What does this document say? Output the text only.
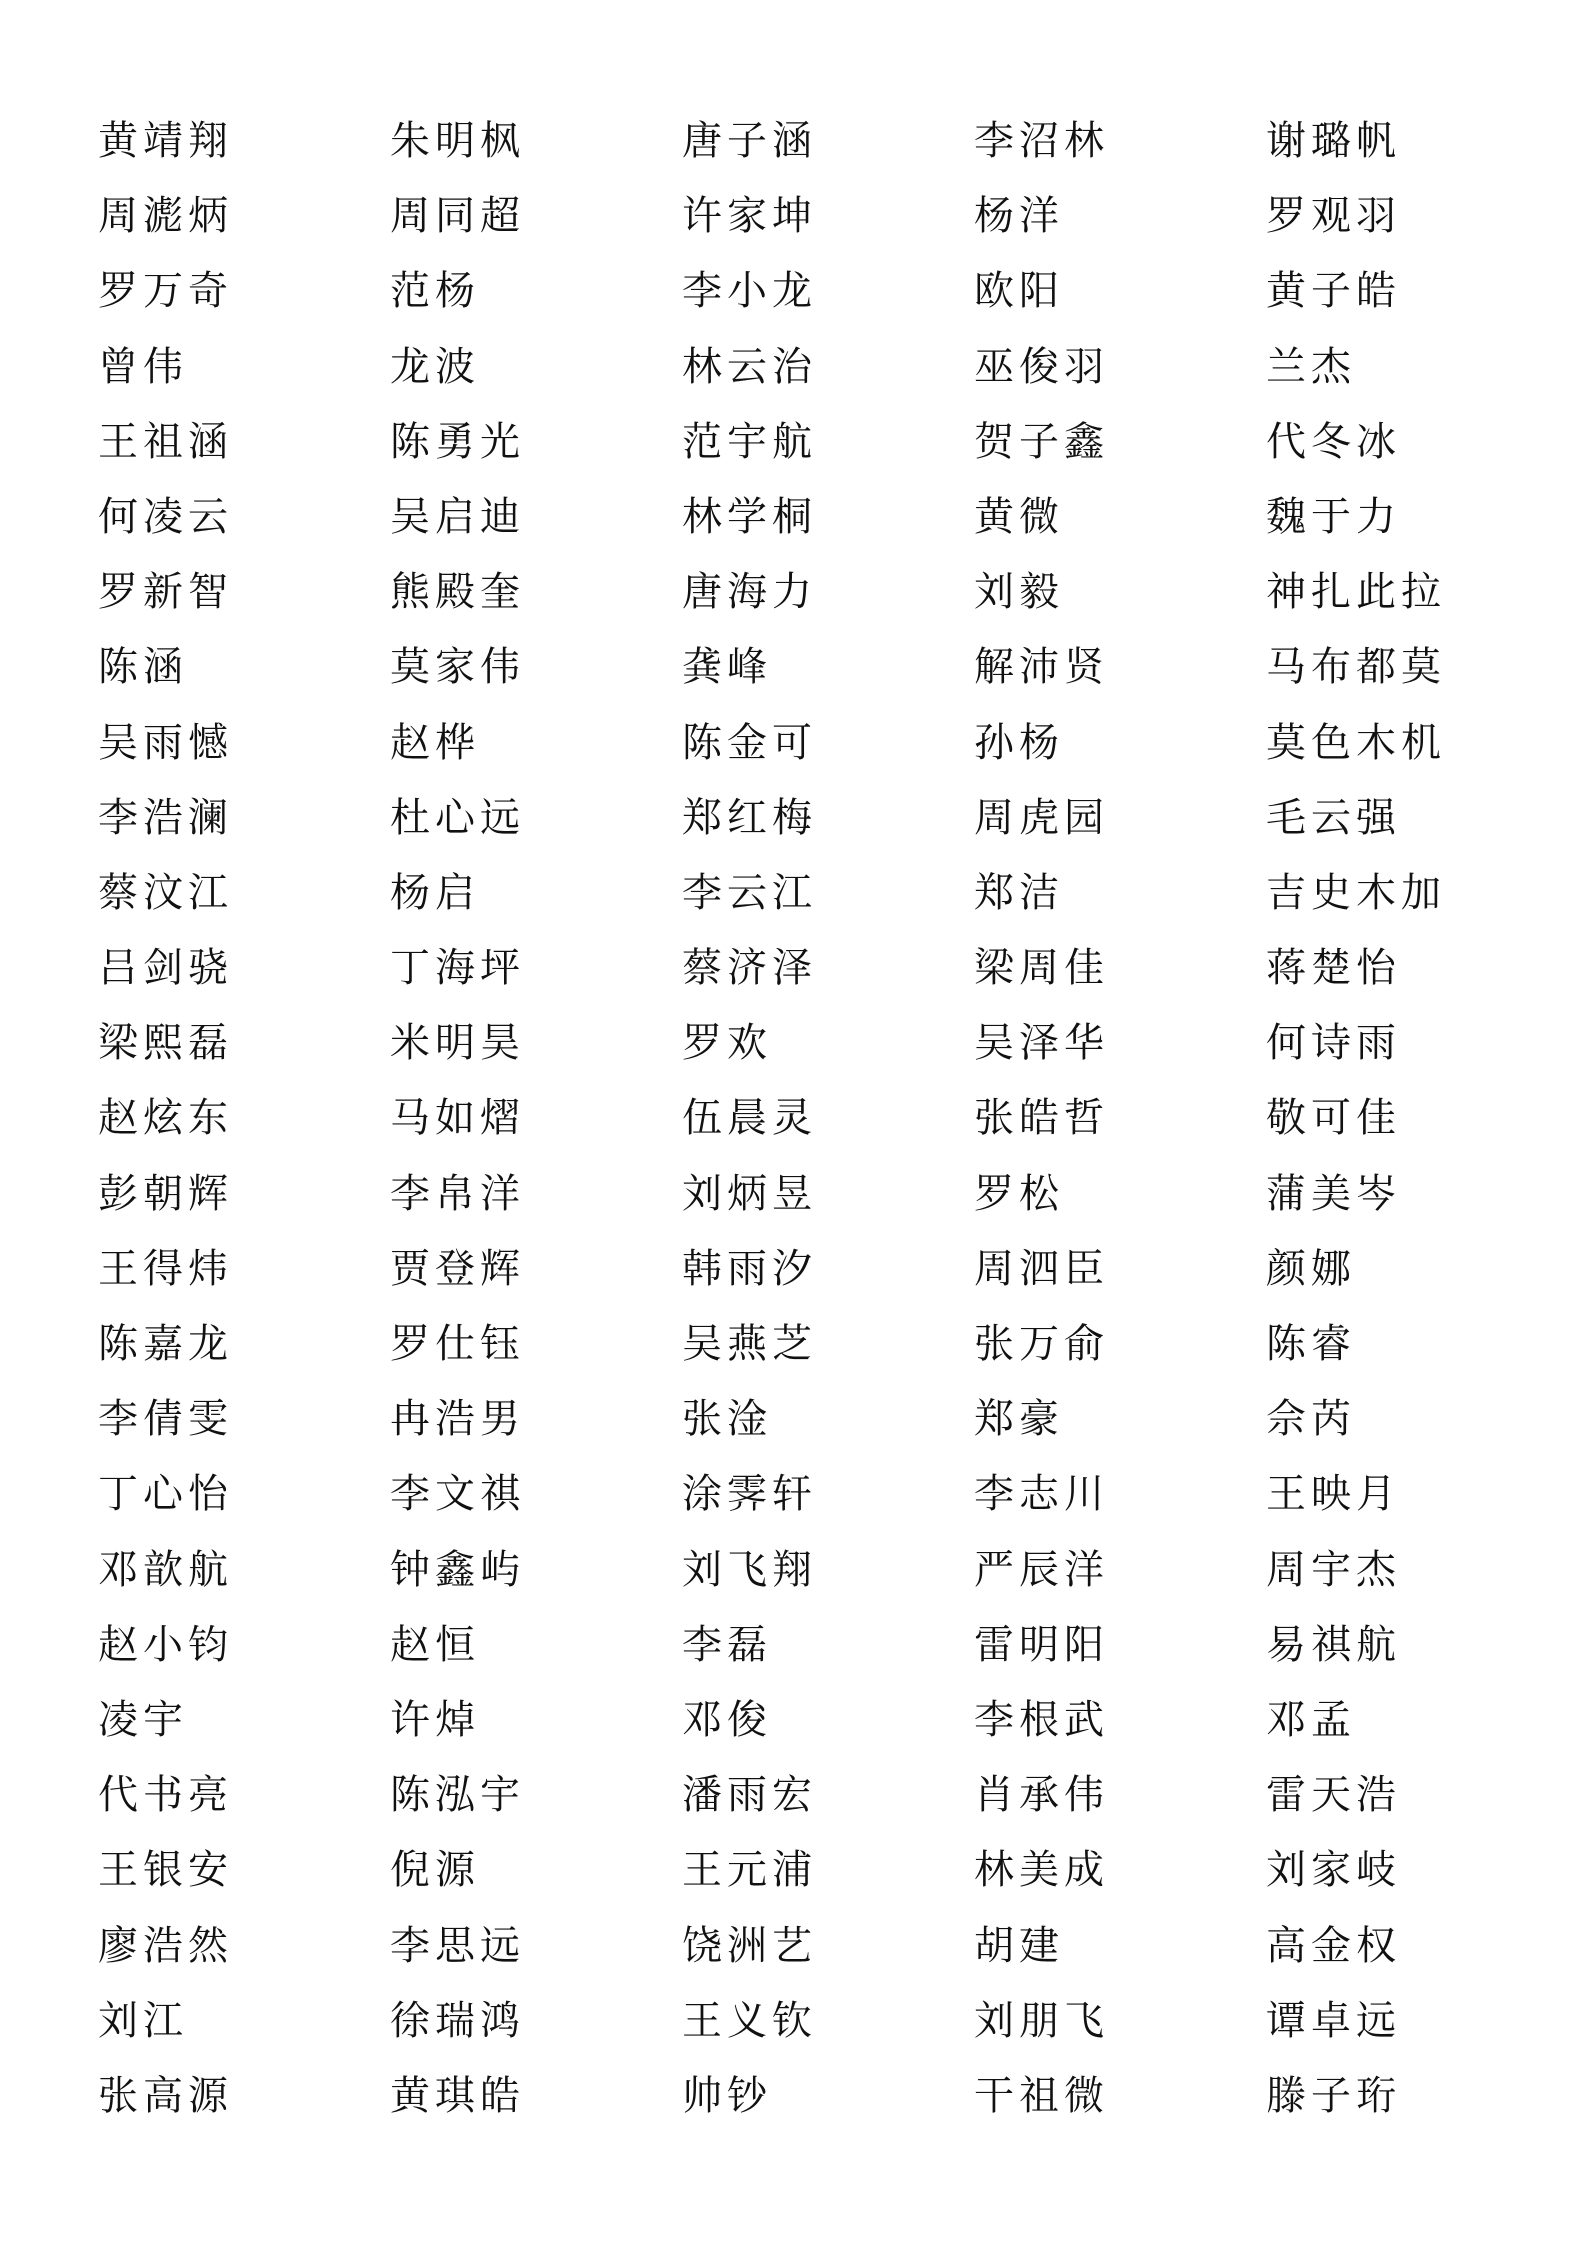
黄靖翔	朱明枫	唐子涵	李沼林	谢璐帆
周滮炳	周同超	许家坤	杨洋	罗观羽
罗万奇	范杨	李小龙	欧阳	黄子皓
曾伟	龙波	林云治	巫俊羽	兰杰
王祖涵	陈勇光	范宇航	贺子鑫	代冬冰
何凌云	吴启迪	林学桐	黄微	魏于力
罗新智	熊殿奎	唐海力	刘毅	神扎此拉
陈涵	莫家伟	龚峰	解沛贤	马布都莫
吴雨憾	赵桦	陈金可	孙杨	莫色木机
李浩澜	杜心远	郑红梅	周虎园	毛云强
蔡汶江	杨启	李云江	郑洁	吉史木加
吕剑骁	丁海坪	蔡济泽	梁周佳	蒋楚怡
梁熙磊	米明昊	罗欢	吴泽华	何诗雨
赵炫东	马如熠	伍晨灵	张皓哲	敬可佳
彭朝辉	李帛洋	刘炳昱	罗松	蒲美岑
王得炜	贾登辉	韩雨汐	周泗臣	颜娜
陈嘉龙	罗仕钰	吴燕芝	张万俞	陈睿
李倩雯	冉浩男	张淦	郑豪	佘芮
丁心怡	李文祺	涂霁轩	李志川	王映月
邓歆航	钟鑫屿	刘飞翔	严辰洋	周宇杰
赵小钧	赵恒	李磊	雷明阳	易祺航
凌宇	许焯	邓俊	李根武	邓孟
代书亮	陈泓宇	潘雨宏	肖承伟	雷天浩
王银安	倪源	王元浦	林美成	刘家岐
廖浩然	李思远	饶洲艺	胡建	高金权
刘江	徐瑞鸿	王义钦	刘朋飞	谭卓远
张高源	黄琪皓	帅钞	干祖微	滕子珩
